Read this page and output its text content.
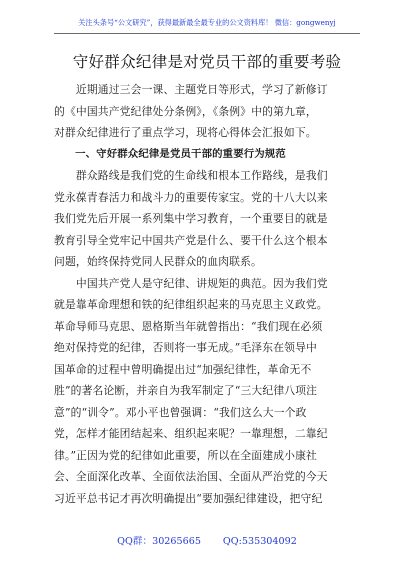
关注头条号“公文研究”，获得最新最全最专业的公文资料库！ 微信：gongwenyj
守好群众纪律是对党员干部的重要考验
　　近期通过三会一课、主题党日等形式，学习了新修订
的《中国共产党纪律处分条例》，《条例》中的第九章，
对群众纪律进行了重点学习，现将心得体会汇报如下。
　　一、守好群众纪律是党员干部的重要行为规范
　　群众路线是我们党的生命线和根本工作路线，是我们
党永葆青春活力和战斗力的重要传家宝。党的十八大以来
我们党先后开展一系列集中学习教育，一个重要目的就是
教育引导全党牢记中国共产党是什么、要干什么这个根本
问题，始终保持党同人民群众的血肉联系。
　　中国共产党人是守纪律、讲规矩的典范。因为我们党
就是靠革命理想和铁的纪律组织起来的马克思主义政党。
革命导师马克思、恩格斯当年就曾指出：“我们现在必须
绝对保持党的纪律，否则将一事无成。”毛泽东在领导中
国革命的过程中曾明确提出过“加强纪律性，革命无不
胜”的著名论断，并亲自为我军制定了“三大纪律八项注
意”的“训令”。邓小平也曾强调：“我们这么大一个政
党，怎样才能团结起来、组织起来呢？一靠理想，二靠纪
律。”正因为党的纪律如此重要，所以在全面建成小康社
会、全面深化改革、全面依法治国、全面从严治党的今天
习近平总书记才再次明确提出“要加强纪律建设，把守纪
QQ群：30265665 QQ:535304092
